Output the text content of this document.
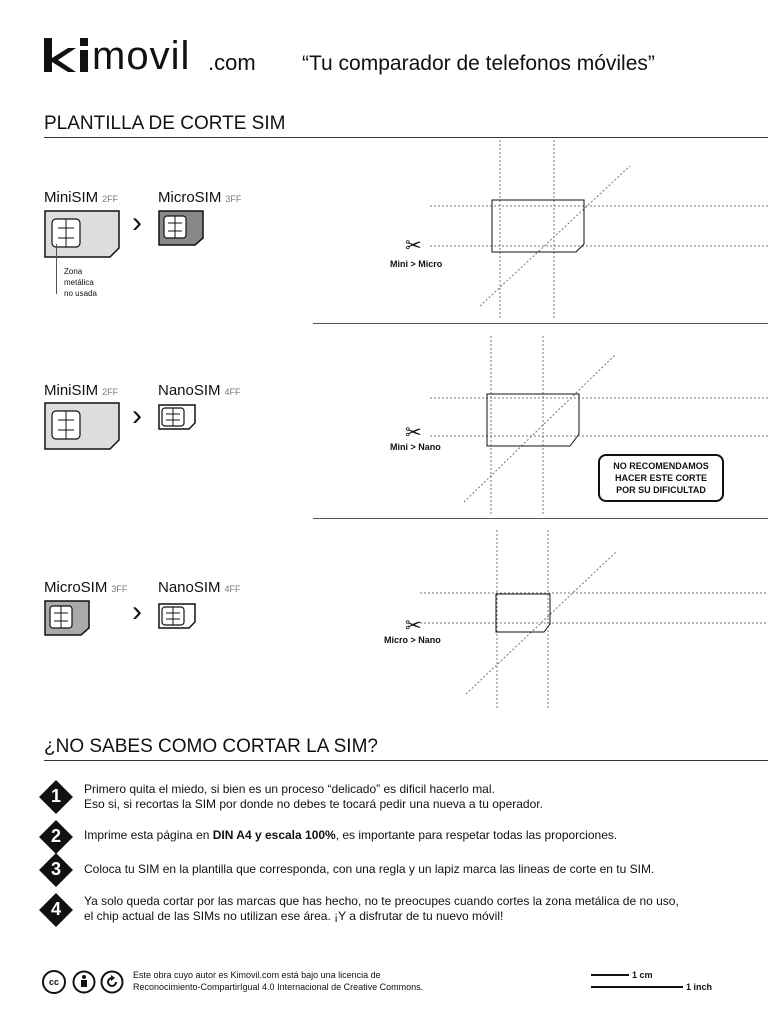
movil .com “Tu comparador de telefonos móviles”
PLANTILLA DE CORTE SIM
MiniSIM 2FF	MicroSIM 3FF
›
Zona
metálica
no usada
✂
Mini > Micro
MiniSIM 2FF	NanoSIM 4FF
›
✂
Mini > Nano
NO RECOMENDAMOS
HACER ESTE CORTE
POR SU DIFICULTAD
MicroSIM 3FF NanoSIM 4FF
›	✂
Micro > Nano
¿NO SABES COMO CORTAR LA SIM?
1	Primero quita el miedo, si bien es un proceso “delicado” es dificil hacerlo mal.
Eso si, si recortas la SIM por donde no debes te tocará pedir una nueva a tu operador.
2	Imprime esta página en DIN A4 y escala 100%, es importante para respetar todas las proporciones.
3	Coloca tu SIM en la plantilla que corresponda, con una regla y un lapiz marca las lineas de corte en tu SIM.
4	Ya solo queda cortar por las marcas que has hecho, no te preocupes cuando cortes la zona metálica de no uso,
el chip actual de las SIMs no utilizan ese área. ¡Y a disfrutar de tu nuevo móvil!
cc
Este obra cuyo autor es Kimovil.com está bajo una licencia de
Reconocimiento-CompartirIgual 4.0 Internacional de Creative Commons.
1 cm
1 inch
